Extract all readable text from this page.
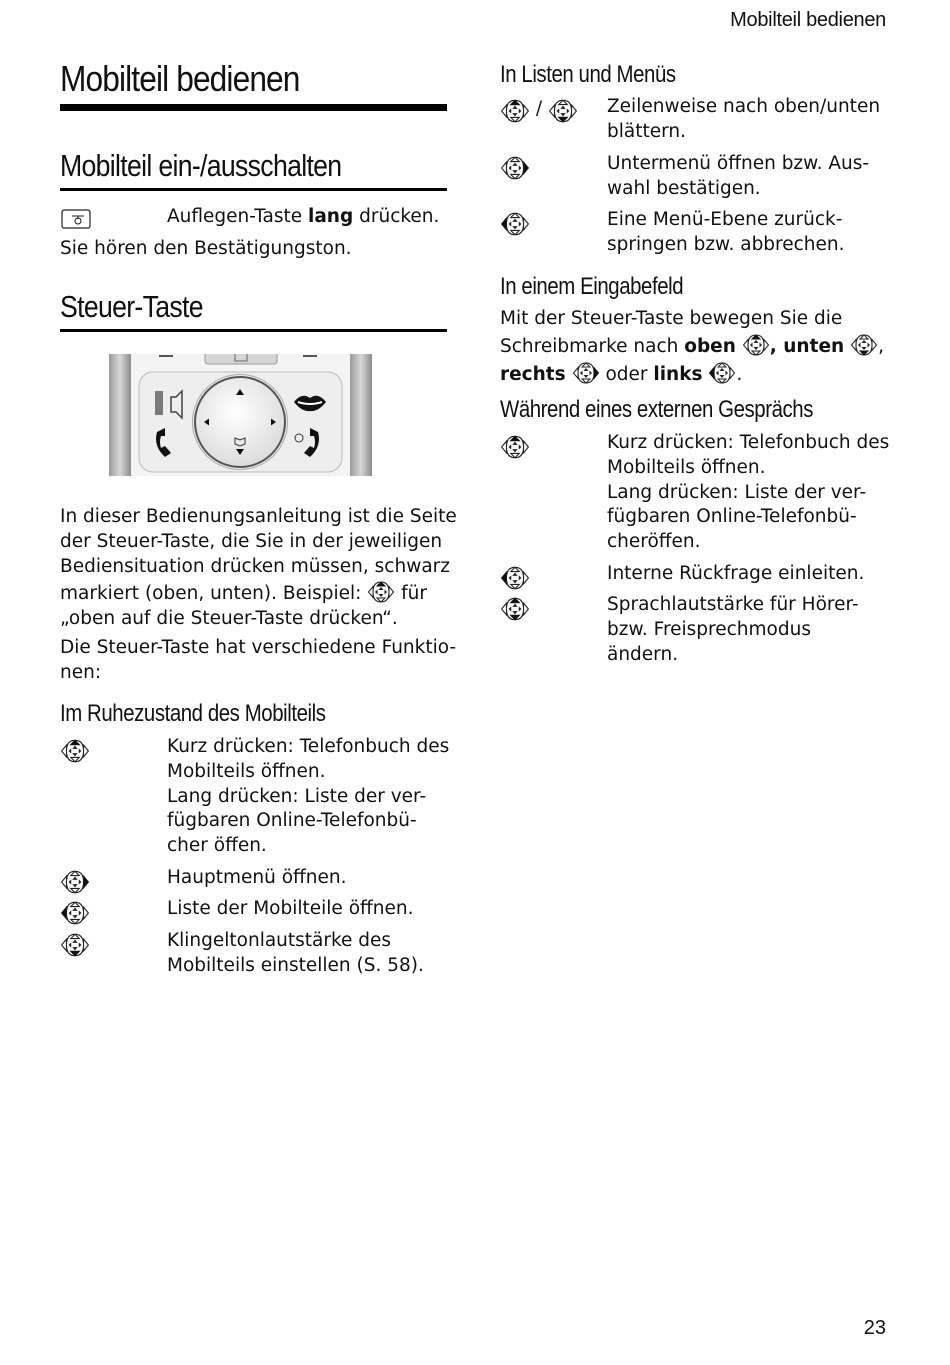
Mobilteil bedienen
Mobilteil bedienen
Mobilteil ein-/ausschalten
Auflegen-Taste lang drücken.
Sie hören den Bestätigungston.
Steuer-Taste
In dieser Bedienungsanleitung ist die Seite
der Steuer-Taste, die Sie in der jeweiligen
Bediensituation drücken müssen, schwarz
markiert (oben, unten). Beispiel:  für
„oben auf die Steuer-Taste drücken“.
Die Steuer-Taste hat verschiedene Funktio-
nen:
Im Ruhezustand des Mobilteils
Kurz drücken: Telefonbuch des
Mobilteils öffnen.
Lang drücken: Liste der ver-
fügbaren Online-Telefonbü-
cher öffen.
Hauptmenü öffnen.
Liste der Mobilteile öffnen.
Klingeltonlautstärke des
Mobilteils einstellen (S. 58).
In Listen und Menüs
/	Zeilenweise nach oben/unten
blättern.
Untermenü öffnen bzw. Aus-
wahl bestätigen.
Eine Menü-Ebene zurück-
springen bzw. abbrechen.
In einem Eingabefeld
Mit der Steuer-Taste bewegen Sie die
Schreibmarke nach oben , unten ,
rechts  oder links .
Während eines externen Gesprächs
Kurz drücken: Telefonbuch des
Mobilteils öffnen.
Lang drücken: Liste der ver-
fügbaren Online-Telefonbü-
cheröffen.
Interne Rückfrage einleiten.
Sprachlautstärke für Hörer-
bzw. Freisprechmodus
ändern.
23
